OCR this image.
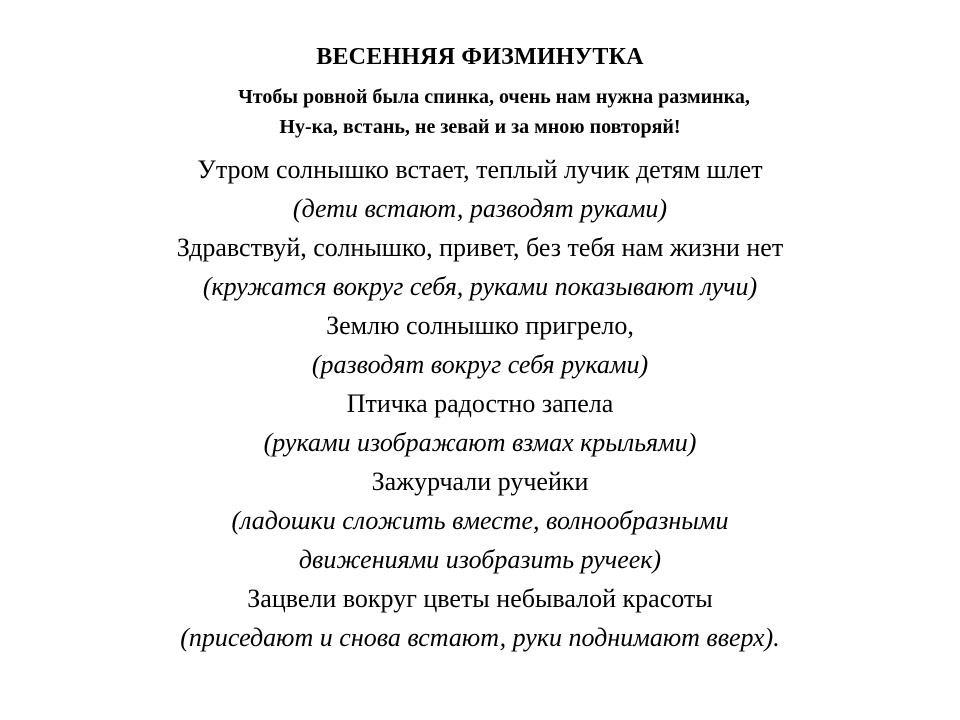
ВЕСЕННЯЯ ФИЗМИНУТКА
Чтобы ровной была спинка, очень нам нужна разминка,
Ну-ка, встань, не зевай и за мною повторяй!
Утром солнышко встает, теплый лучик детям шлет
(дети встают, разводят руками)
Здравствуй, солнышко, привет, без тебя нам жизни нет
(кружатся вокруг себя, руками показывают лучи)
Землю солнышко пригрело,
(разводят вокруг себя руками)
Птичка радостно запела
(руками изображают взмах крыльями)
Зажурчали ручейки
(ладошки сложить вместе, волнообразными
движениями изобразить ручеек)
Зацвели вокруг цветы небывалой красоты
(приседают и снова встают, руки поднимают вверх).
